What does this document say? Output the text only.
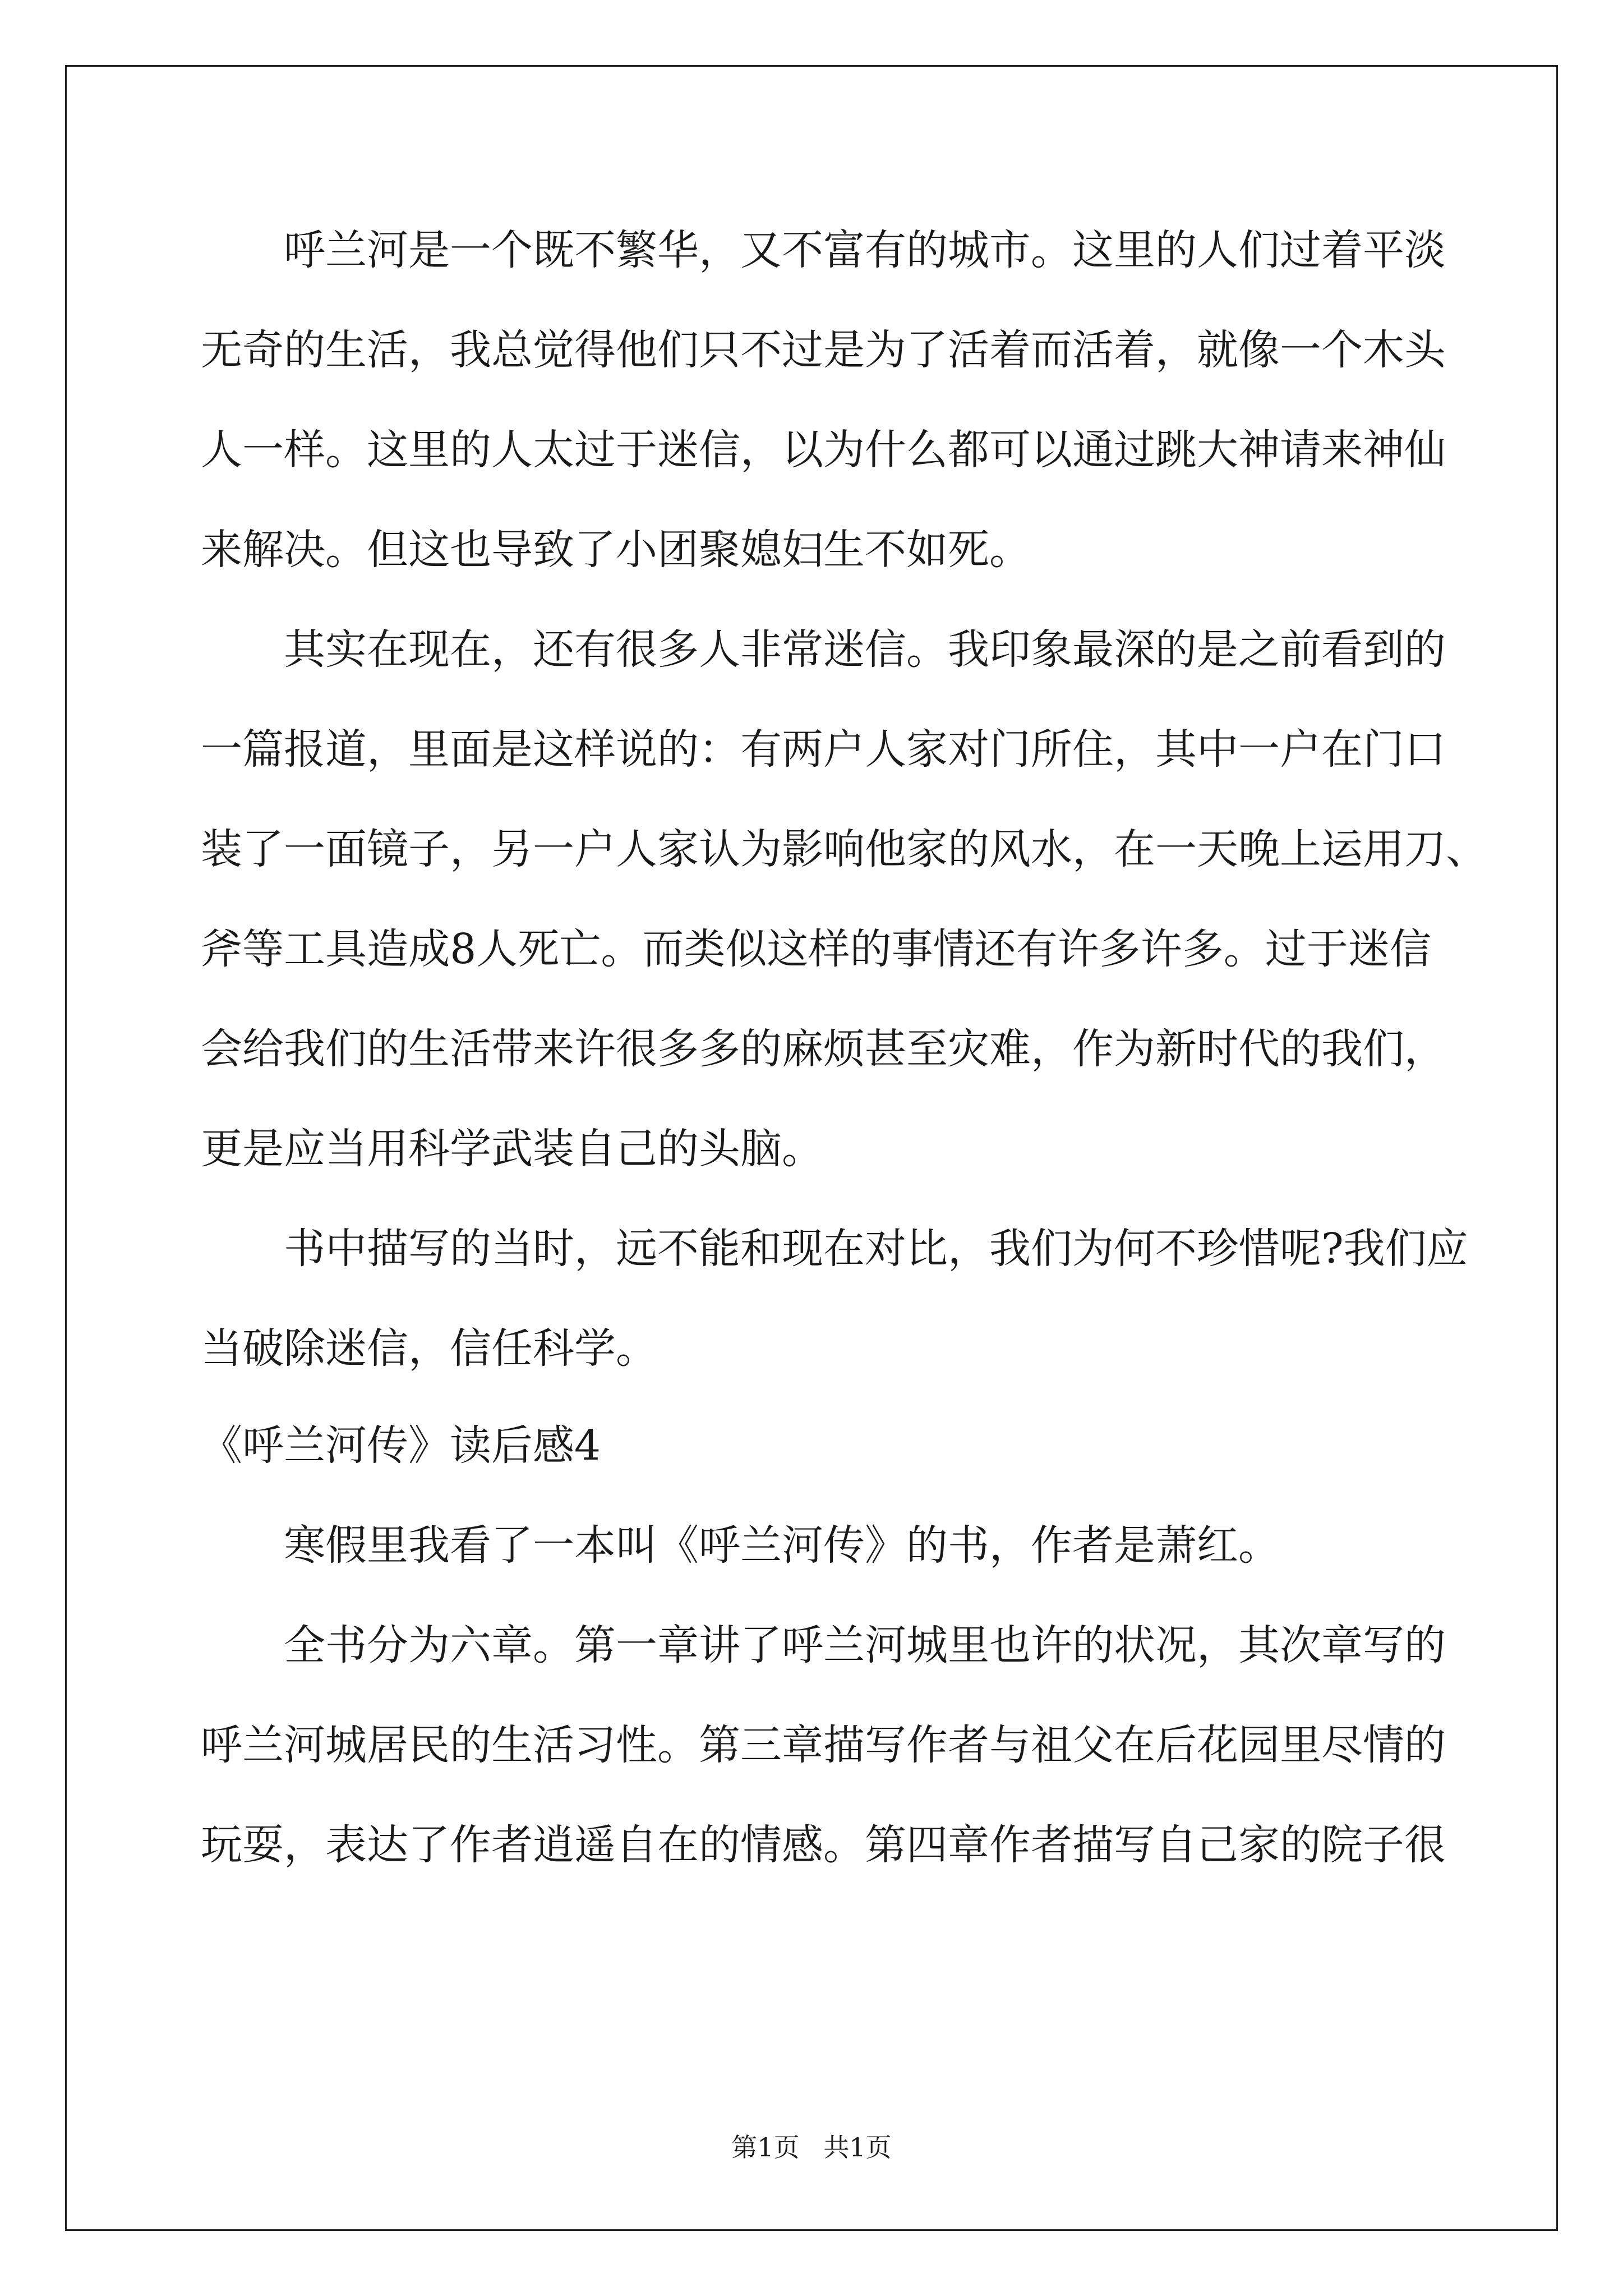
呼兰河是一个既不繁华，又不富有的城市。这里的人们过着平淡
无奇的生活，我总觉得他们只不过是为了活着而活着，就像一个木头
人一样。这里的人太过于迷信，以为什么都可以通过跳大神请来神仙
来解决。但这也导致了小团聚媳妇生不如死。
其实在现在，还有很多人非常迷信。我印象最深的是之前看到的
一篇报道，里面是这样说的：有两户人家对门所住，其中一户在门口
装了一面镜子，另一户人家认为影响他家的风水，在一天晚上运用刀、
斧等工具造成8人死亡。而类似这样的事情还有许多许多。过于迷信
会给我们的生活带来许很多多的麻烦甚至灾难，作为新时代的我们，
更是应当用科学武装自己的头脑。
书中描写的当时，远不能和现在对比，我们为何不珍惜呢?我们应
当破除迷信，信任科学。
《呼兰河传》读后感4
寒假里我看了一本叫《呼兰河传》的书，作者是萧红。
全书分为六章。第一章讲了呼兰河城里也许的状况，其次章写的
呼兰河城居民的生活习性。第三章描写作者与祖父在后花园里尽情的
玩耍，表达了作者逍遥自在的情感。第四章作者描写自己家的院子很
第1页 共1页
